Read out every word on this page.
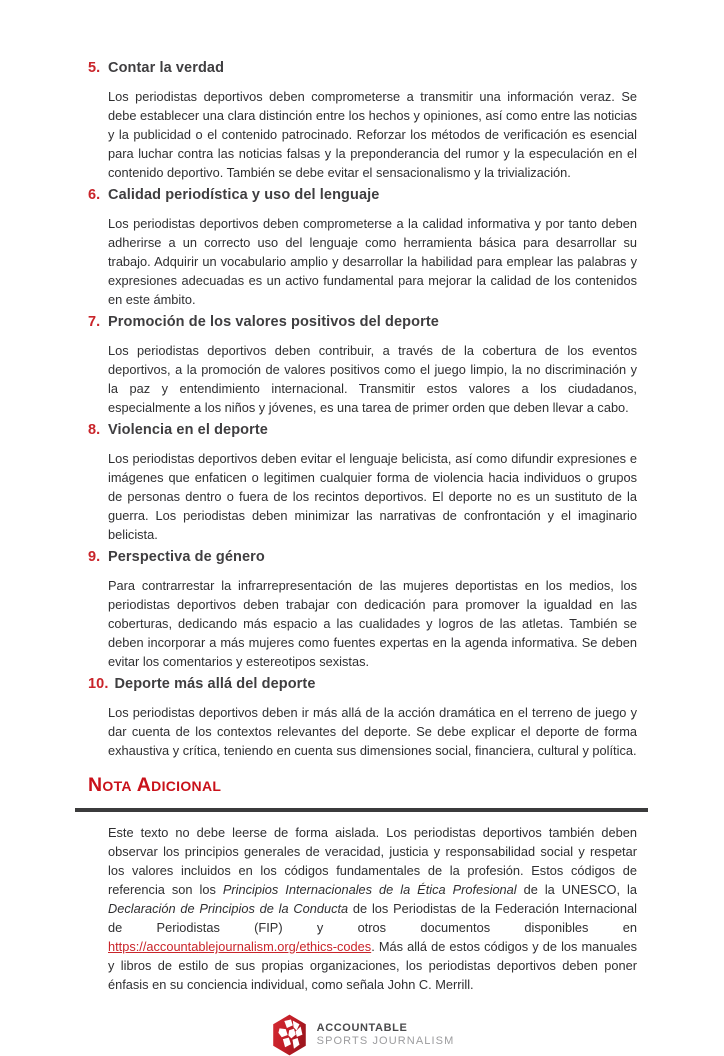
5. Contar la verdad

Los periodistas deportivos deben comprometerse a transmitir una información veraz. Se debe establecer una clara distinción entre los hechos y opiniones, así como entre las noticias y la publicidad o el contenido patrocinado. Reforzar los métodos de verificación es esencial para luchar contra las noticias falsas y la preponderancia del rumor y la especulación en el contenido deportivo. También se debe evitar el sensacionalismo y la trivialización.

6. Calidad periodística y uso del lenguaje

Los periodistas deportivos deben comprometerse a la calidad informativa y por tanto deben adherirse a un correcto uso del lenguaje como herramienta básica para desarrollar su trabajo. Adquirir un vocabulario amplio y desarrollar la habilidad para emplear las palabras y expresiones adecuadas es un activo fundamental para mejorar la calidad de los contenidos en este ámbito.

7. Promoción de los valores positivos del deporte

Los periodistas deportivos deben contribuir, a través de la cobertura de los eventos deportivos, a la promoción de valores positivos como el juego limpio, la no discriminación y la paz y entendimiento internacional. Transmitir estos valores a los ciudadanos, especialmente a los niños y jóvenes, es una tarea de primer orden que deben llevar a cabo.

8. Violencia en el deporte

Los periodistas deportivos deben evitar el lenguaje belicista, así como difundir expresiones e imágenes que enfaticen o legitimen cualquier forma de violencia hacia individuos o grupos de personas dentro o fuera de los recintos deportivos. El deporte no es un sustituto de la guerra. Los periodistas deben minimizar las narrativas de confrontación y el imaginario belicista.

9. Perspectiva de género

Para contrarrestar la infrarrepresentación de las mujeres deportistas en los medios, los periodistas deportivos deben trabajar con dedicación para promover la igualdad en las coberturas, dedicando más espacio a las cualidades y logros de las atletas. También se deben incorporar a más mujeres como fuentes expertas en la agenda informativa. Se deben evitar los comentarios y estereotipos sexistas.

10. Deporte más allá del deporte

Los periodistas deportivos deben ir más allá de la acción dramática en el terreno de juego y dar cuenta de los contextos relevantes del deporte. Se debe explicar el deporte de forma exhaustiva y crítica, teniendo en cuenta sus dimensiones social, financiera, cultural y política.

Nota Adicional

Este texto no debe leerse de forma aislada. Los periodistas deportivos también deben observar los principios generales de veracidad, justicia y responsabilidad social y respetar los valores incluidos en los códigos fundamentales de la profesión. Estos códigos de referencia son los Principios Internacionales de la Ética Profesional de la UNESCO, la Declaración de Principios de la Conducta de los Periodistas de la Federación Internacional de Periodistas (FIP) y otros documentos disponibles en https://accountablejournalism.org/ethics-codes. Más allá de estos códigos y de los manuales y libros de estilo de sus propias organizaciones, los periodistas deportivos deben poner énfasis en su conciencia individual, como señala John C. Merrill.

ACCOUNTABLE
SPORTS JOURNALISM
